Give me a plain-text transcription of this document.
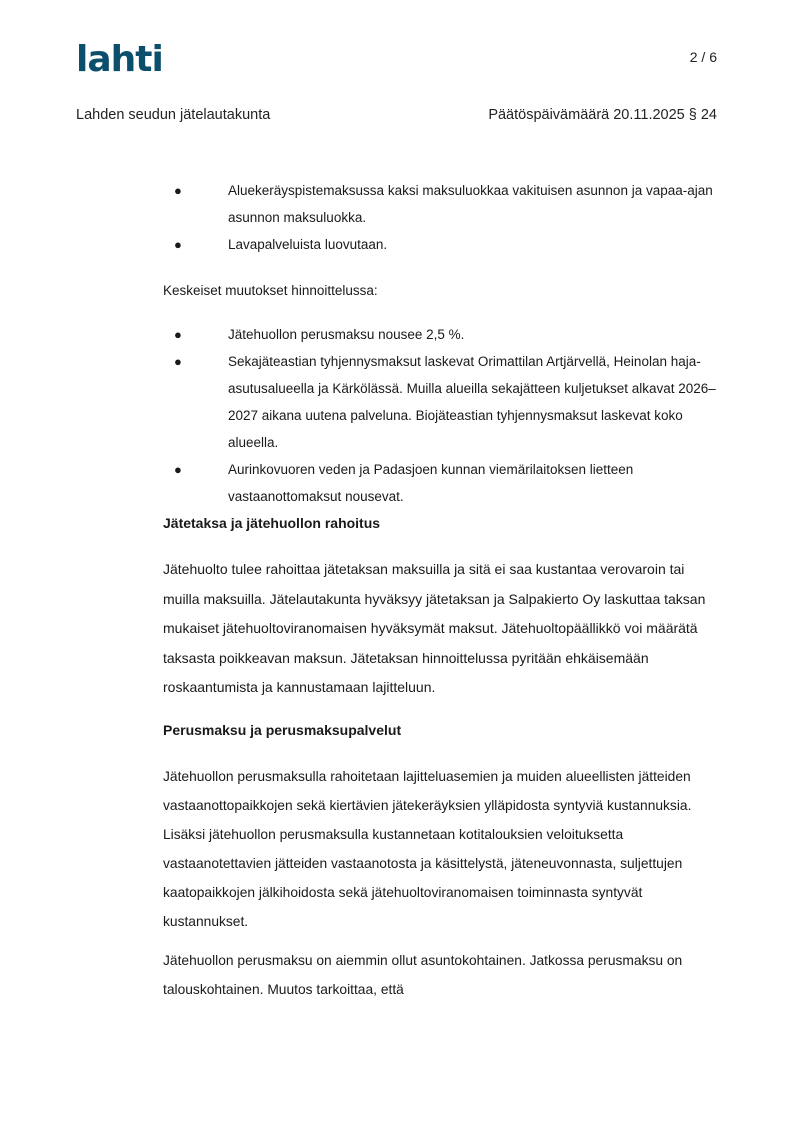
lahti	2 / 6
Lahden seudun jätelautakunta	Päätöspäivämäärä 20.11.2025 § 24
●	Aluekeräyspistemaksussa kaksi maksuluokkaa vakituisen asunnon ja vapaa-ajan asunnon maksuluokka.
●	Lavapalveluista luovutaan.
Keskeiset muutokset hinnoittelussa:
●	Jätehuollon perusmaksu nousee 2,5 %.
●	Sekajäteastian tyhjennysmaksut laskevat Orimattilan Artjärvellä, Heinolan haja-asutusalueella ja Kärkölässä. Muilla alueilla sekajätteen kuljetukset alkavat 2026–2027 aikana uutena palveluna. Biojäteastian tyhjennysmaksut laskevat koko alueella.
●	Aurinkovuoren veden ja Padasjoen kunnan viemärilaitoksen lietteen vastaanottomaksut nousevat.
Jätetaksa ja jätehuollon rahoitus

Jätehuolto tulee rahoittaa jätetaksan maksuilla ja sitä ei saa kustantaa verovaroin tai muilla maksuilla. Jätelautakunta hyväksyy jätetaksan ja Salpakierto Oy laskuttaa taksan mukaiset jätehuoltoviranomaisen hyväksymät maksut. Jätehuoltopäällikkö voi määrätä taksasta poikkeavan maksun. Jätetaksan hinnoittelussa pyritään ehkäisemään roskaantumista ja kannustamaan lajitteluun.

Perusmaksu ja perusmaksupalvelut

Jätehuollon perusmaksulla rahoitetaan lajitteluasemien ja muiden alueellisten jätteiden vastaanottopaikkojen sekä kiertävien jätekeräyksien ylläpidosta syntyviä kustannuksia. Lisäksi jätehuollon perusmaksulla kustannetaan kotitalouksien veloituksetta vastaanotettavien jätteiden vastaanotosta ja käsittelystä, jäteneuvonnasta, suljettujen kaatopaikkojen jälkihoidosta sekä jätehuoltoviranomaisen toiminnasta syntyvät kustannukset.

Jätehuollon perusmaksu on aiemmin ollut asuntokohtainen. Jatkossa perusmaksu on talouskohtainen. Muutos tarkoittaa, että
